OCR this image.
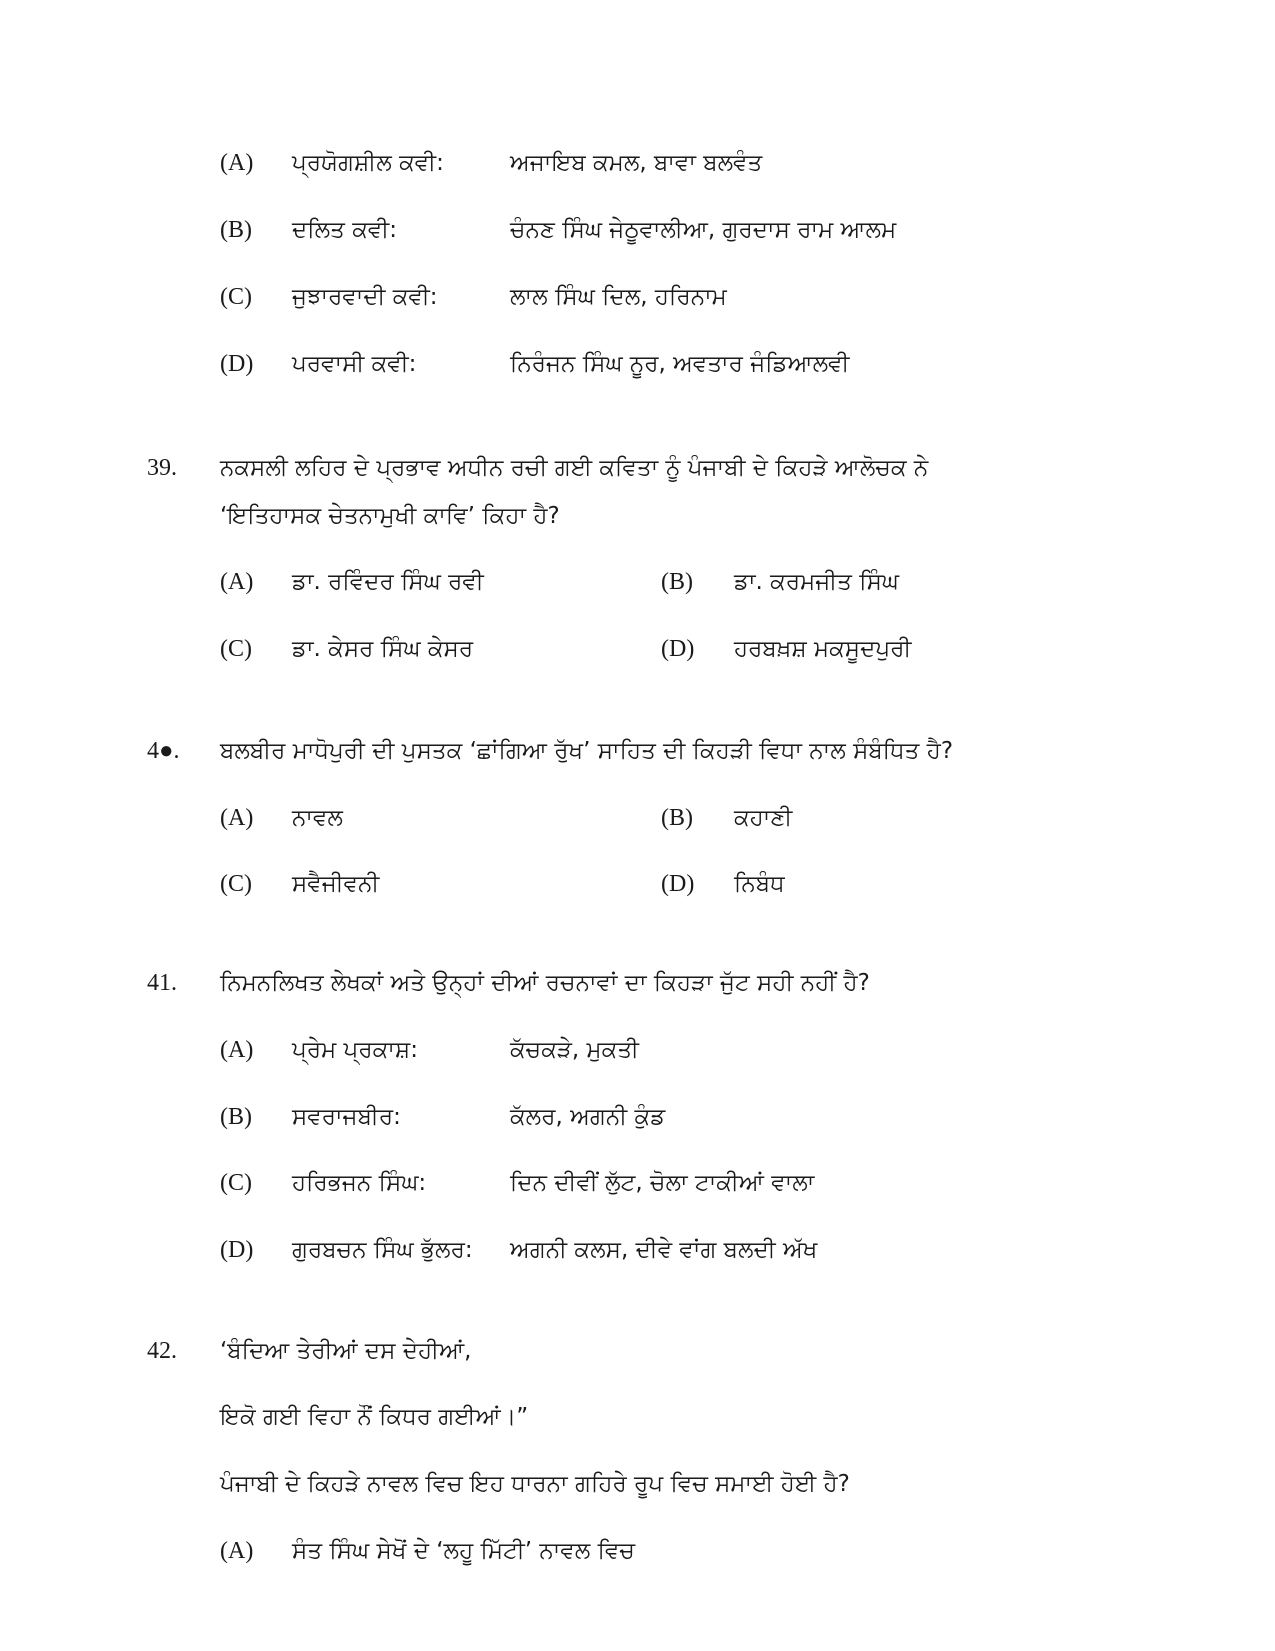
(A) ਪ੍ਰਯੋਗਸ਼ੀਲ ਕਵੀ:	ਅਜਾਇਬ ਕਮਲ, ਬਾਵਾ ਬਲਵੰਤ
(B) ਦਲਿਤ ਕਵੀ:	ਚੰਨਣ ਸਿੰਘ ਜੇਠੂਵਾਲੀਆ, ਗੁਰਦਾਸ ਰਾਮ ਆਲਮ
(C) ਜੁਝਾਰਵਾਦੀ ਕਵੀ:	ਲਾਲ ਸਿੰਘ ਦਿਲ, ਹਰਿਨਾਮ
(D) ਪਰਵਾਸੀ ਕਵੀ:	ਨਿਰੰਜਨ ਸਿੰਘ ਨੂਰ, ਅਵਤਾਰ ਜੰਡਿਆਲਵੀ
39. ਨਕਸਲੀ ਲਹਿਰ ਦੇ ਪ੍ਰਭਾਵ ਅਧੀਨ ਰਚੀ ਗਈ ਕਵਿਤਾ ਨੂੰ ਪੰਜਾਬੀ ਦੇ ਕਿਹੜੇ ਆਲੋਚਕ ਨੇ
‘ਇਤਿਹਾਸਕ ਚੇਤਨਾਮੁਖੀ ਕਾਵਿ’ ਕਿਹਾ ਹੈ?
(A) ਡਾ. ਰਵਿੰਦਰ ਸਿੰਘ ਰਵੀ	(B) ਡਾ. ਕਰਮਜੀਤ ਸਿੰਘ
(C) ਡਾ. ਕੇਸਰ ਸਿੰਘ ਕੇਸਰ	(D) ਹਰਬਖ਼ਸ਼ ਮਕਸੂਦਪੁਰੀ
4●. ਬਲਬੀਰ ਮਾਧੋਪੁਰੀ ਦੀ ਪੁਸਤਕ ‘ਛਾਂਗਿਆ ਰੁੱਖ’ ਸਾਹਿਤ ਦੀ ਕਿਹੜੀ ਵਿਧਾ ਨਾਲ ਸੰਬੰਧਿਤ ਹੈ?
(A) ਨਾਵਲ	(B) ਕਹਾਣੀ
(C) ਸਵੈਜੀਵਨੀ	(D) ਨਿਬੰਧ
41. ਨਿਮਨਲਿਖਤ ਲੇਖਕਾਂ ਅਤੇ ਉਨ੍ਹਾਂ ਦੀਆਂ ਰਚਨਾਵਾਂ ਦਾ ਕਿਹੜਾ ਜੁੱਟ ਸਹੀ ਨਹੀਂ ਹੈ?
(A) ਪ੍ਰੇਮ ਪ੍ਰਕਾਸ਼:	ਕੱਚਕੜੇ, ਮੁਕਤੀ
(B) ਸਵਰਾਜਬੀਰ:	ਕੱਲਰ, ਅਗਨੀ ਕੁੰਡ
(C) ਹਰਿਭਜਨ ਸਿੰਘ:	ਦਿਨ ਦੀਵੀਂ ਲੁੱਟ, ਚੋਲਾ ਟਾਕੀਆਂ ਵਾਲਾ
(D) ਗੁਰਬਚਨ ਸਿੰਘ ਭੁੱਲਰ: ਅਗਨੀ ਕਲਸ, ਦੀਵੇ ਵਾਂਗ ਬਲਦੀ ਅੱਖ
42. ‘ਬੰਦਿਆ ਤੇਰੀਆਂ ਦਸ ਦੇਹੀਆਂ,
ਇਕੋ ਗਈ ਵਿਹਾ ਨੌਂ ਕਿਧਰ ਗਈਆਂ।”
ਪੰਜਾਬੀ ਦੇ ਕਿਹੜੇ ਨਾਵਲ ਵਿਚ ਇਹ ਧਾਰਨਾ ਗਹਿਰੇ ਰੂਪ ਵਿਚ ਸਮਾਈ ਹੋਈ ਹੈ?
(A) ਸੰਤ ਸਿੰਘ ਸੇਖੋਂ ਦੇ ‘ਲਹੂ ਮਿੱਟੀ’ ਨਾਵਲ ਵਿਚ
